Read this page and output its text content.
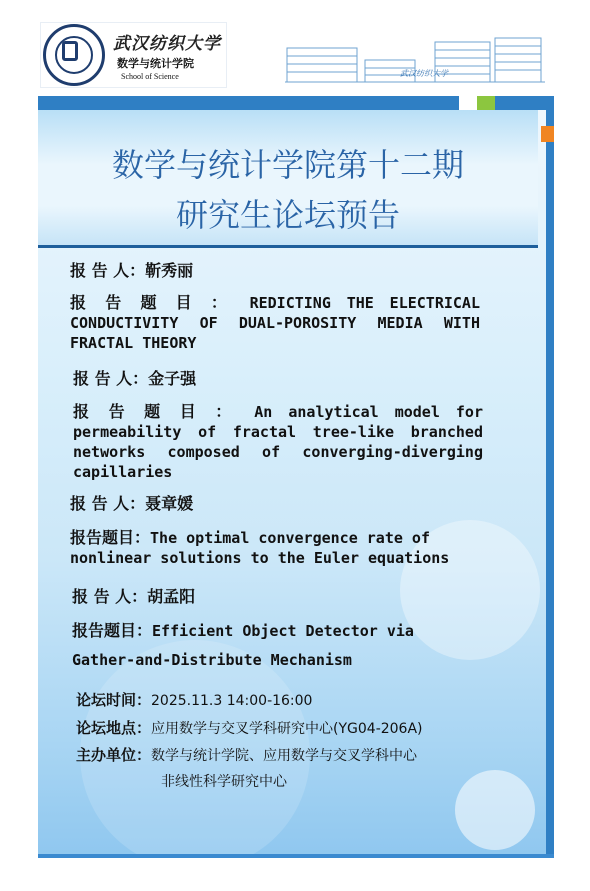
武汉纺织大学
数学与统计学院
School of Science	武汉纺织大学
数学与统计学院第十二期
研究生论坛预告
报 告 人：靳秀丽
报 告 题 目 ： REDICTING THE ELECTRICAL CONDUCTIVITY OF DUAL-POROSITY MEDIA WITH FRACTAL THEORY
报 告 人：金子强
报 告 题 目 ： An analytical model for permeability of fractal tree-like branched networks composed of converging-diverging capillaries
报 告 人：聂章媛
报告题目：The optimal convergence rate of nonlinear solutions to the Euler equations
报 告 人：胡孟阳
报告题目：Efficient Object Detector via
Gather-and-Distribute Mechanism
论坛时间：2025.11.3 14:00-16:00
论坛地点：应用数学与交叉学科研究中心(YG04-206A)
主办单位：数学与统计学院、应用数学与交叉学科中心
非线性科学研究中心
